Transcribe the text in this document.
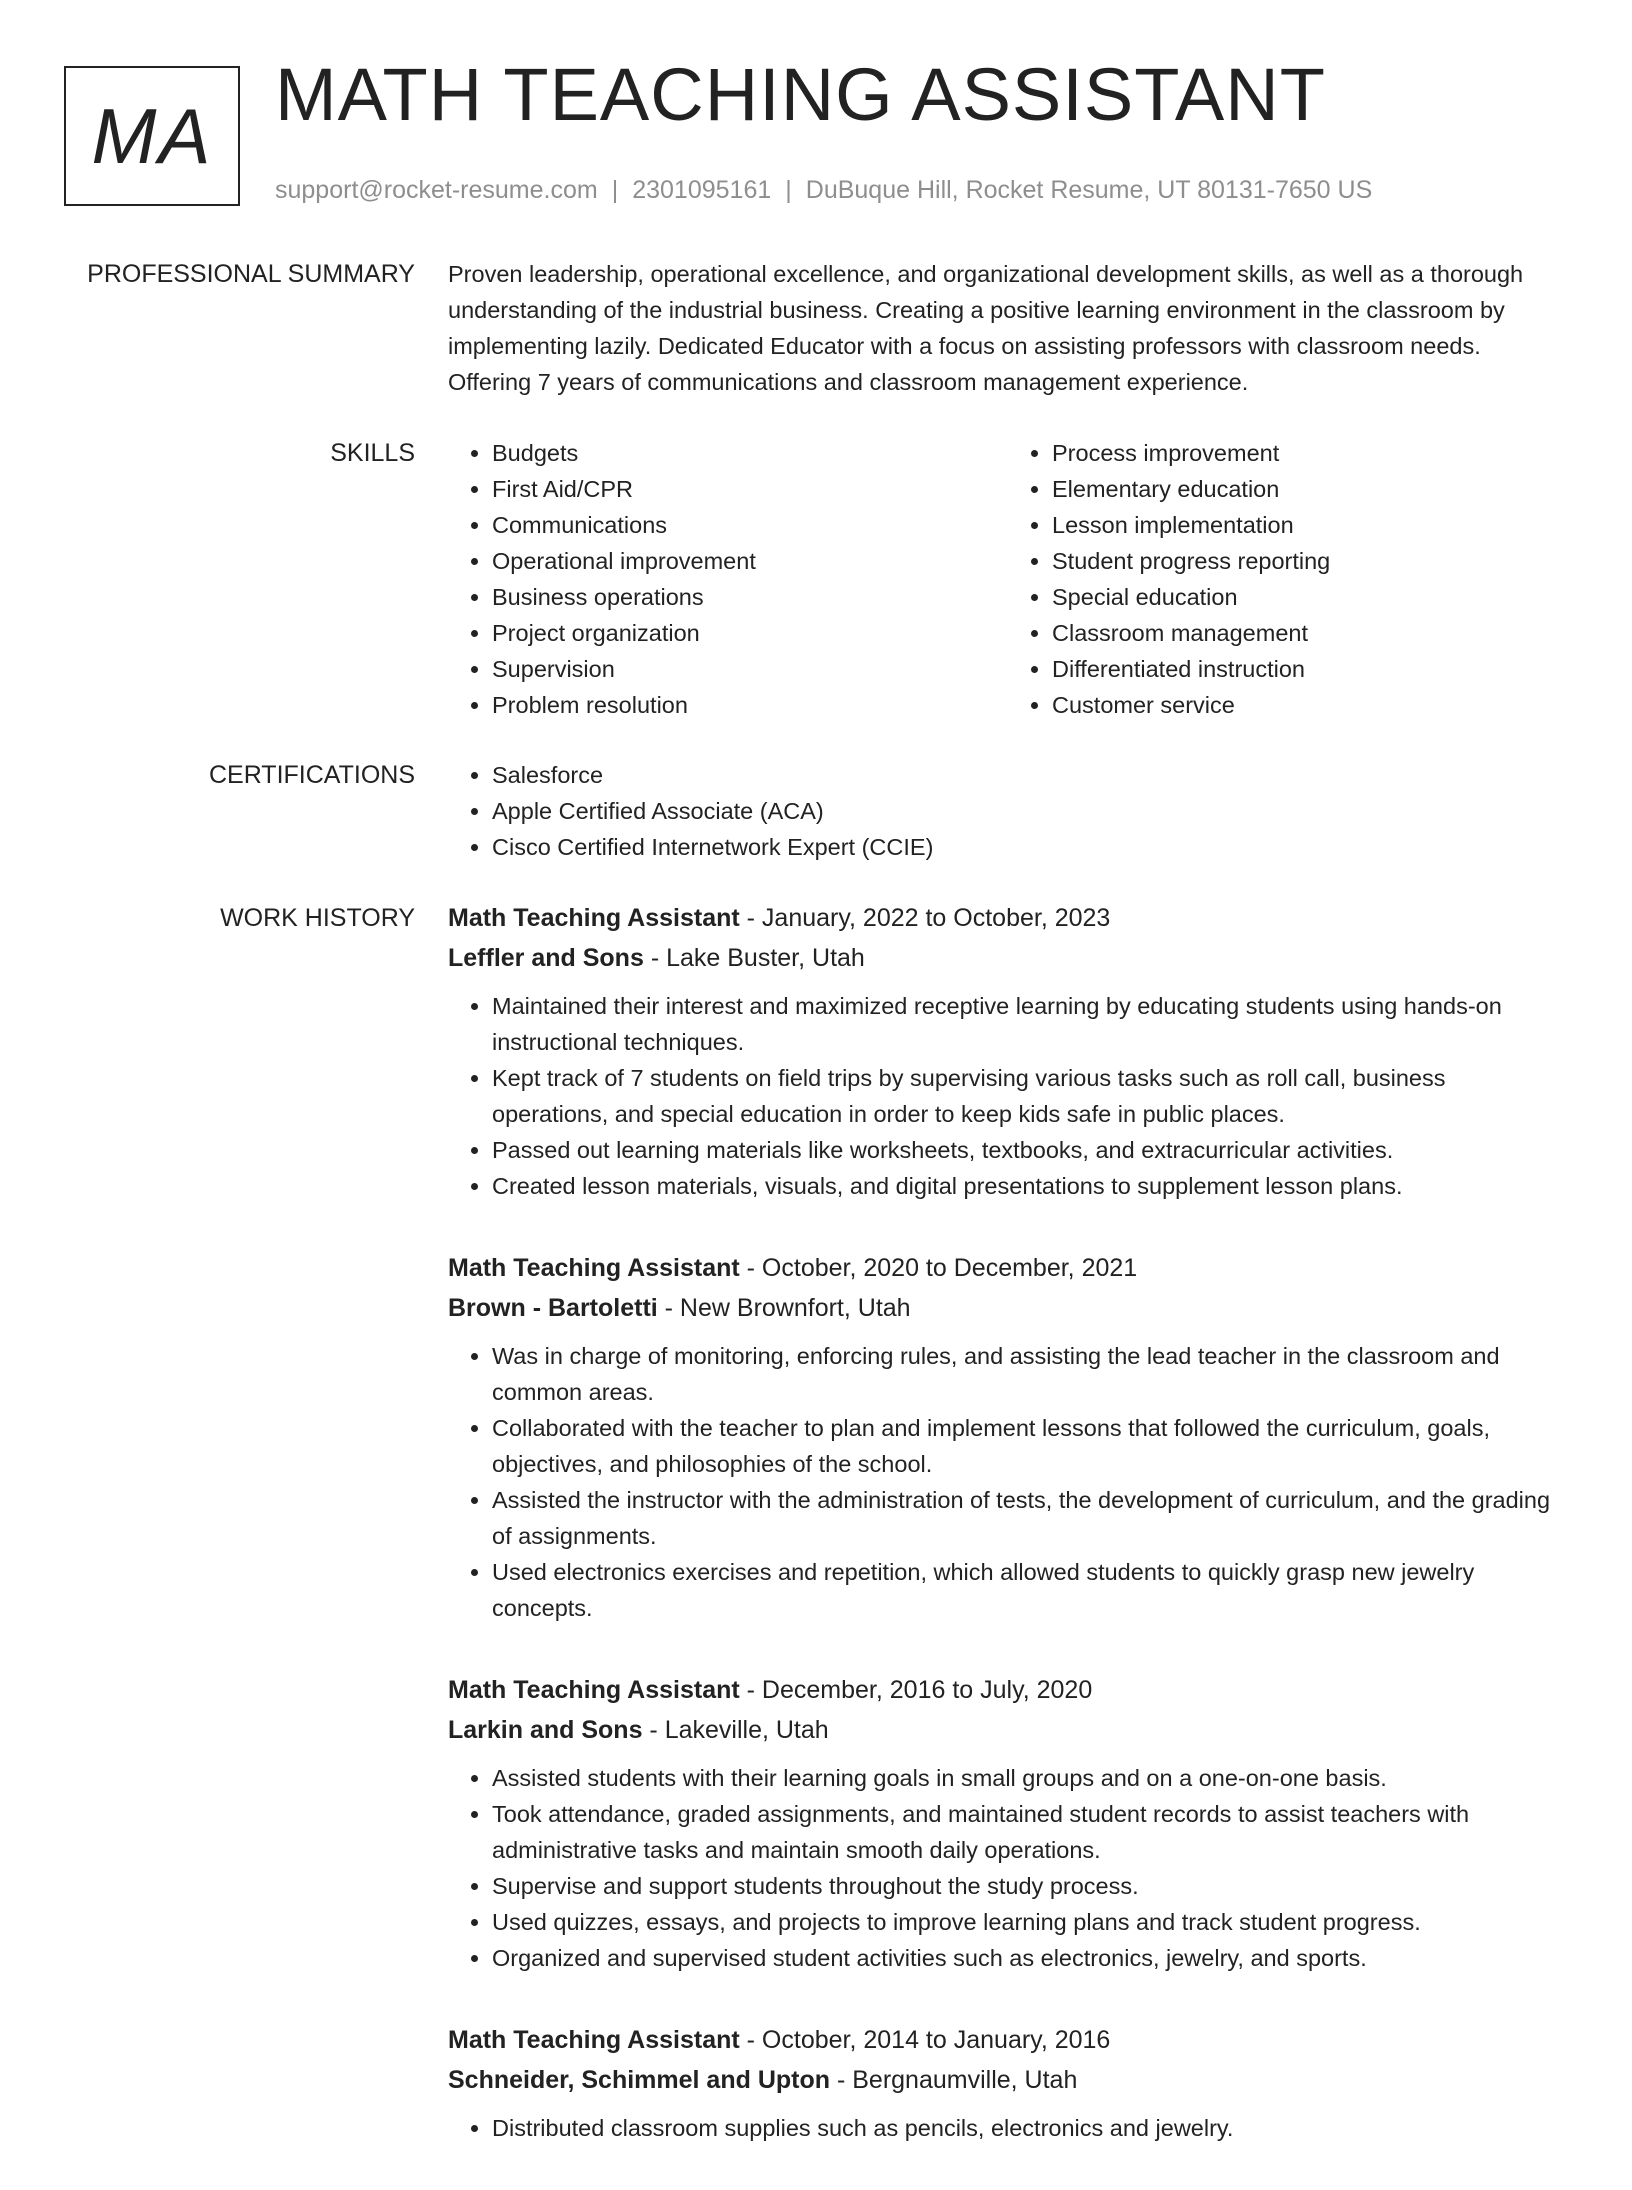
MA MATH TEACHING ASSISTANT
support@rocket-resume.com | 2301095161 | DuBuque Hill, Rocket Resume, UT 80131-7650 US
PROFESSIONAL SUMMARY Proven leadership, operational excellence, and organizational development skills, as well as a thorough understanding of the industrial business. Creating a positive learning environment in the classroom by implementing lazily. Dedicated Educator with a focus on assisting professors with classroom needs. Offering 7 years of communications and classroom management experience.
SKILLS	• Budgets
• First Aid/CPR
• Communications
• Operational improvement
• Business operations
• Project organization
• Supervision
• Problem resolution
• Process improvement
• Elementary education
• Lesson implementation
• Student progress reporting
• Special education
• Classroom management
• Differentiated instruction
• Customer service
CERTIFICATIONS	• Salesforce
• Apple Certified Associate (ACA)
• Cisco Certified Internetwork Expert (CCIE)
WORK HISTORY Math Teaching Assistant - January, 2022 to October, 2023
Leffler and Sons - Lake Buster, Utah
• Maintained their interest and maximized receptive learning by educating students using hands-on instructional techniques.
• Kept track of 7 students on field trips by supervising various tasks such as roll call, business operations, and special education in order to keep kids safe in public places.
• Passed out learning materials like worksheets, textbooks, and extracurricular activities.
• Created lesson materials, visuals, and digital presentations to supplement lesson plans.
Math Teaching Assistant - October, 2020 to December, 2021
Brown - Bartoletti - New Brownfort, Utah
• Was in charge of monitoring, enforcing rules, and assisting the lead teacher in the classroom and common areas.
• Collaborated with the teacher to plan and implement lessons that followed the curriculum, goals, objectives, and philosophies of the school.
• Assisted the instructor with the administration of tests, the development of curriculum, and the grading of assignments.
• Used electronics exercises and repetition, which allowed students to quickly grasp new jewelry concepts.
Math Teaching Assistant - December, 2016 to July, 2020
Larkin and Sons - Lakeville, Utah
• Assisted students with their learning goals in small groups and on a one-on-one basis.
• Took attendance, graded assignments, and maintained student records to assist teachers with administrative tasks and maintain smooth daily operations.
• Supervise and support students throughout the study process.
• Used quizzes, essays, and projects to improve learning plans and track student progress.
• Organized and supervised student activities such as electronics, jewelry, and sports.
Math Teaching Assistant - October, 2014 to January, 2016
Schneider, Schimmel and Upton - Bergnaumville, Utah
• Distributed classroom supplies such as pencils, electronics and jewelry.
